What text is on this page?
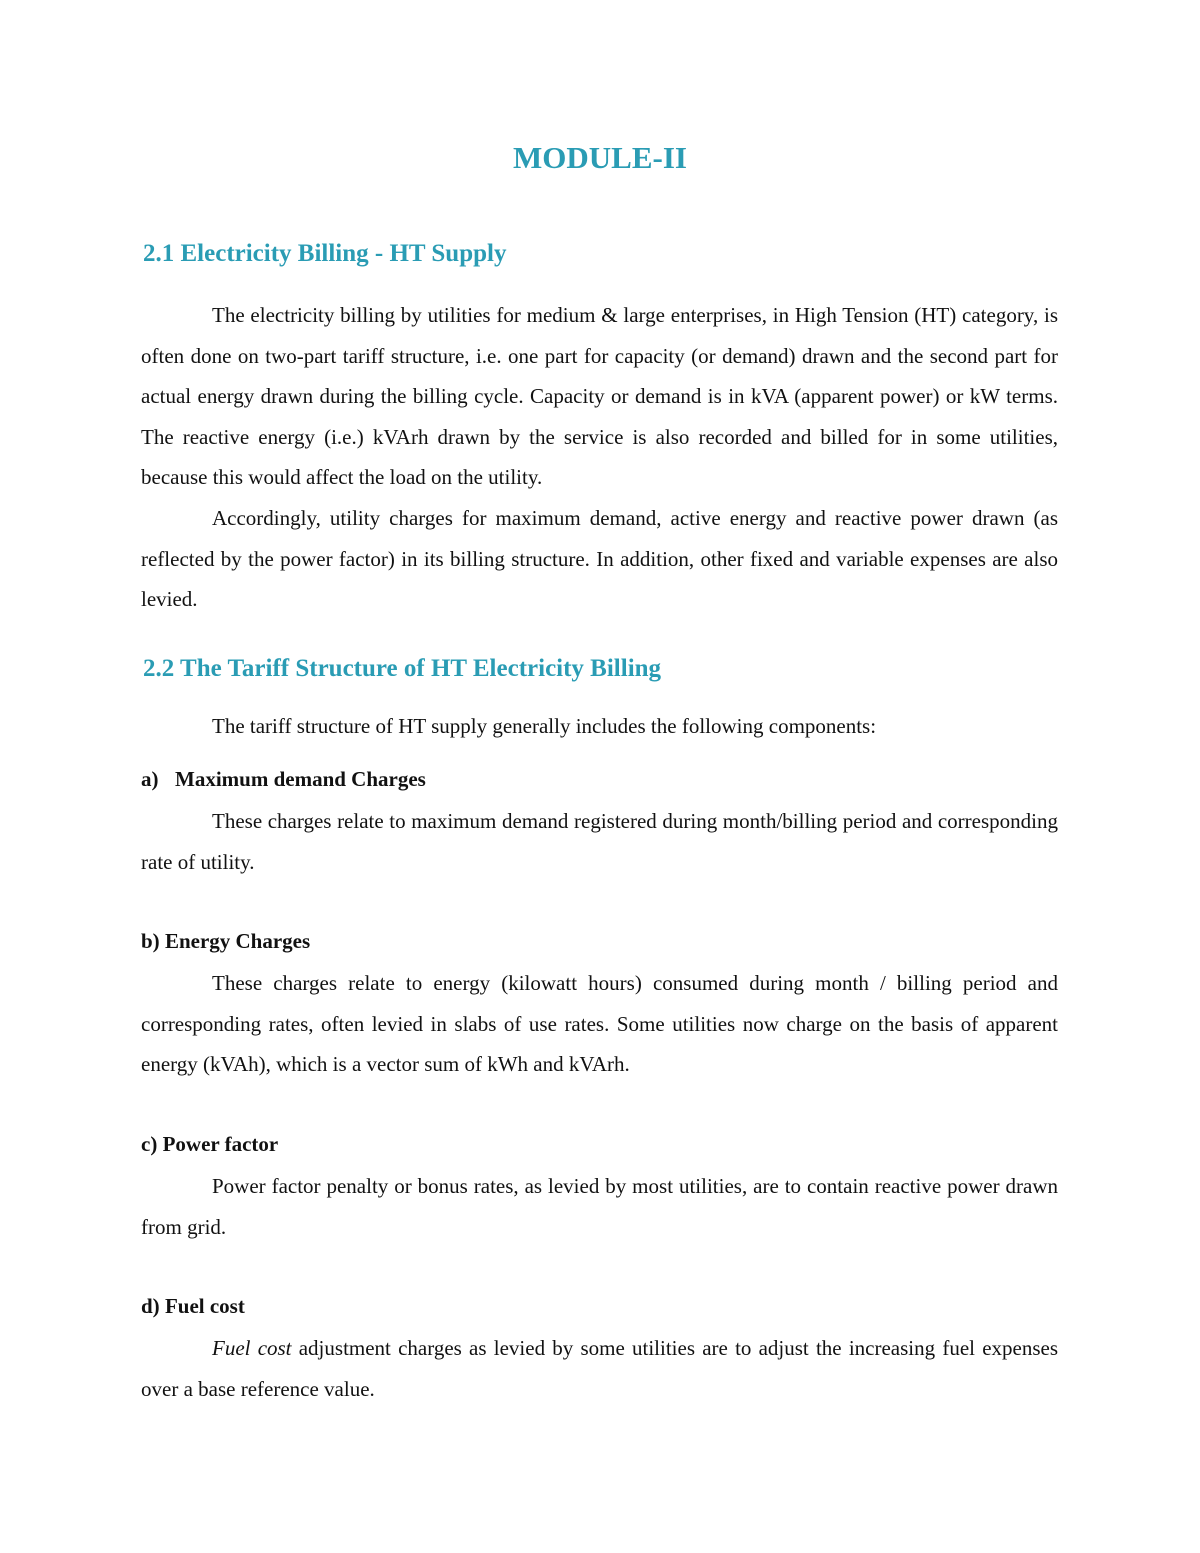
MODULE-II
2.1 Electricity Billing - HT Supply

The electricity billing by utilities for medium & large enterprises, in High Tension (HT) category, is often done on two-part tariff structure, i.e. one part for capacity (or demand) drawn and the second part for actual energy drawn during the billing cycle. Capacity or demand is in kVA (apparent power) or kW terms. The reactive energy (i.e.) kVArh drawn by the service is also recorded and billed for in some utilities, because this would affect the load on the utility.

Accordingly, utility charges for maximum demand, active energy and reactive power drawn (as reflected by the power factor) in its billing structure. In addition, other fixed and variable expenses are also levied.

2.2 The Tariff Structure of HT Electricity Billing

The tariff structure of HT supply generally includes the following components:

a) Maximum demand Charges

These charges relate to maximum demand registered during month/billing period and corresponding rate of utility.

b) Energy Charges

These charges relate to energy (kilowatt hours) consumed during month / billing period and corresponding rates, often levied in slabs of use rates. Some utilities now charge on the basis of apparent energy (kVAh), which is a vector sum of kWh and kVArh.

c) Power factor

Power factor penalty or bonus rates, as levied by most utilities, are to contain reactive power drawn from grid.

d) Fuel cost

Fuel cost adjustment charges as levied by some utilities are to adjust the increasing fuel expenses over a base reference value.
